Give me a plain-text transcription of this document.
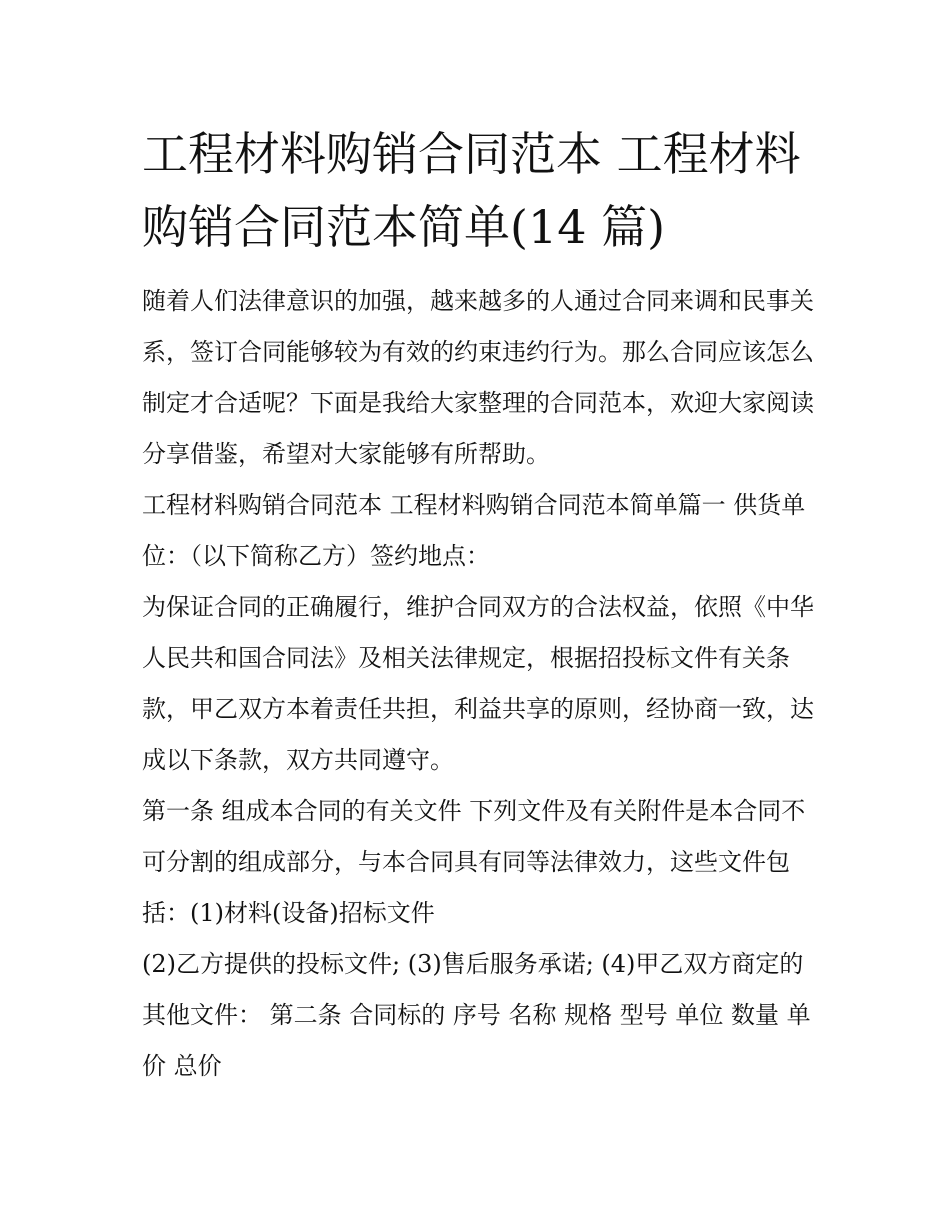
工程材料购销合同范本 工程材料购销合同范本简单(14 篇)

随着人们法律意识的加强，越来越多的人通过合同来调和民事关系，签订合同能够较为有效的约束违约行为。那么合同应该怎么制定才合适呢？下面是我给大家整理的合同范本，欢迎大家阅读分享借鉴，希望对大家能够有所帮助。

工程材料购销合同范本 工程材料购销合同范本简单篇一 供货单位：（以下简称乙方）签约地点：

为保证合同的正确履行，维护合同双方的合法权益，依照《中华人民共和国合同法》及相关法律规定，根据招投标文件有关条款，甲乙双方本着责任共担，利益共享的原则，经协商一致，达成以下条款，双方共同遵守。

第一条 组成本合同的有关文件 下列文件及有关附件是本合同不可分割的组成部分，与本合同具有同等法律效力，这些文件包括：(1)材料(设备)招标文件

(2)乙方提供的投标文件; (3)售后服务承诺; (4)甲乙双方商定的其他文件： 第二条 合同标的 序号 名称 规格 型号 单位 数量 单价 总价
